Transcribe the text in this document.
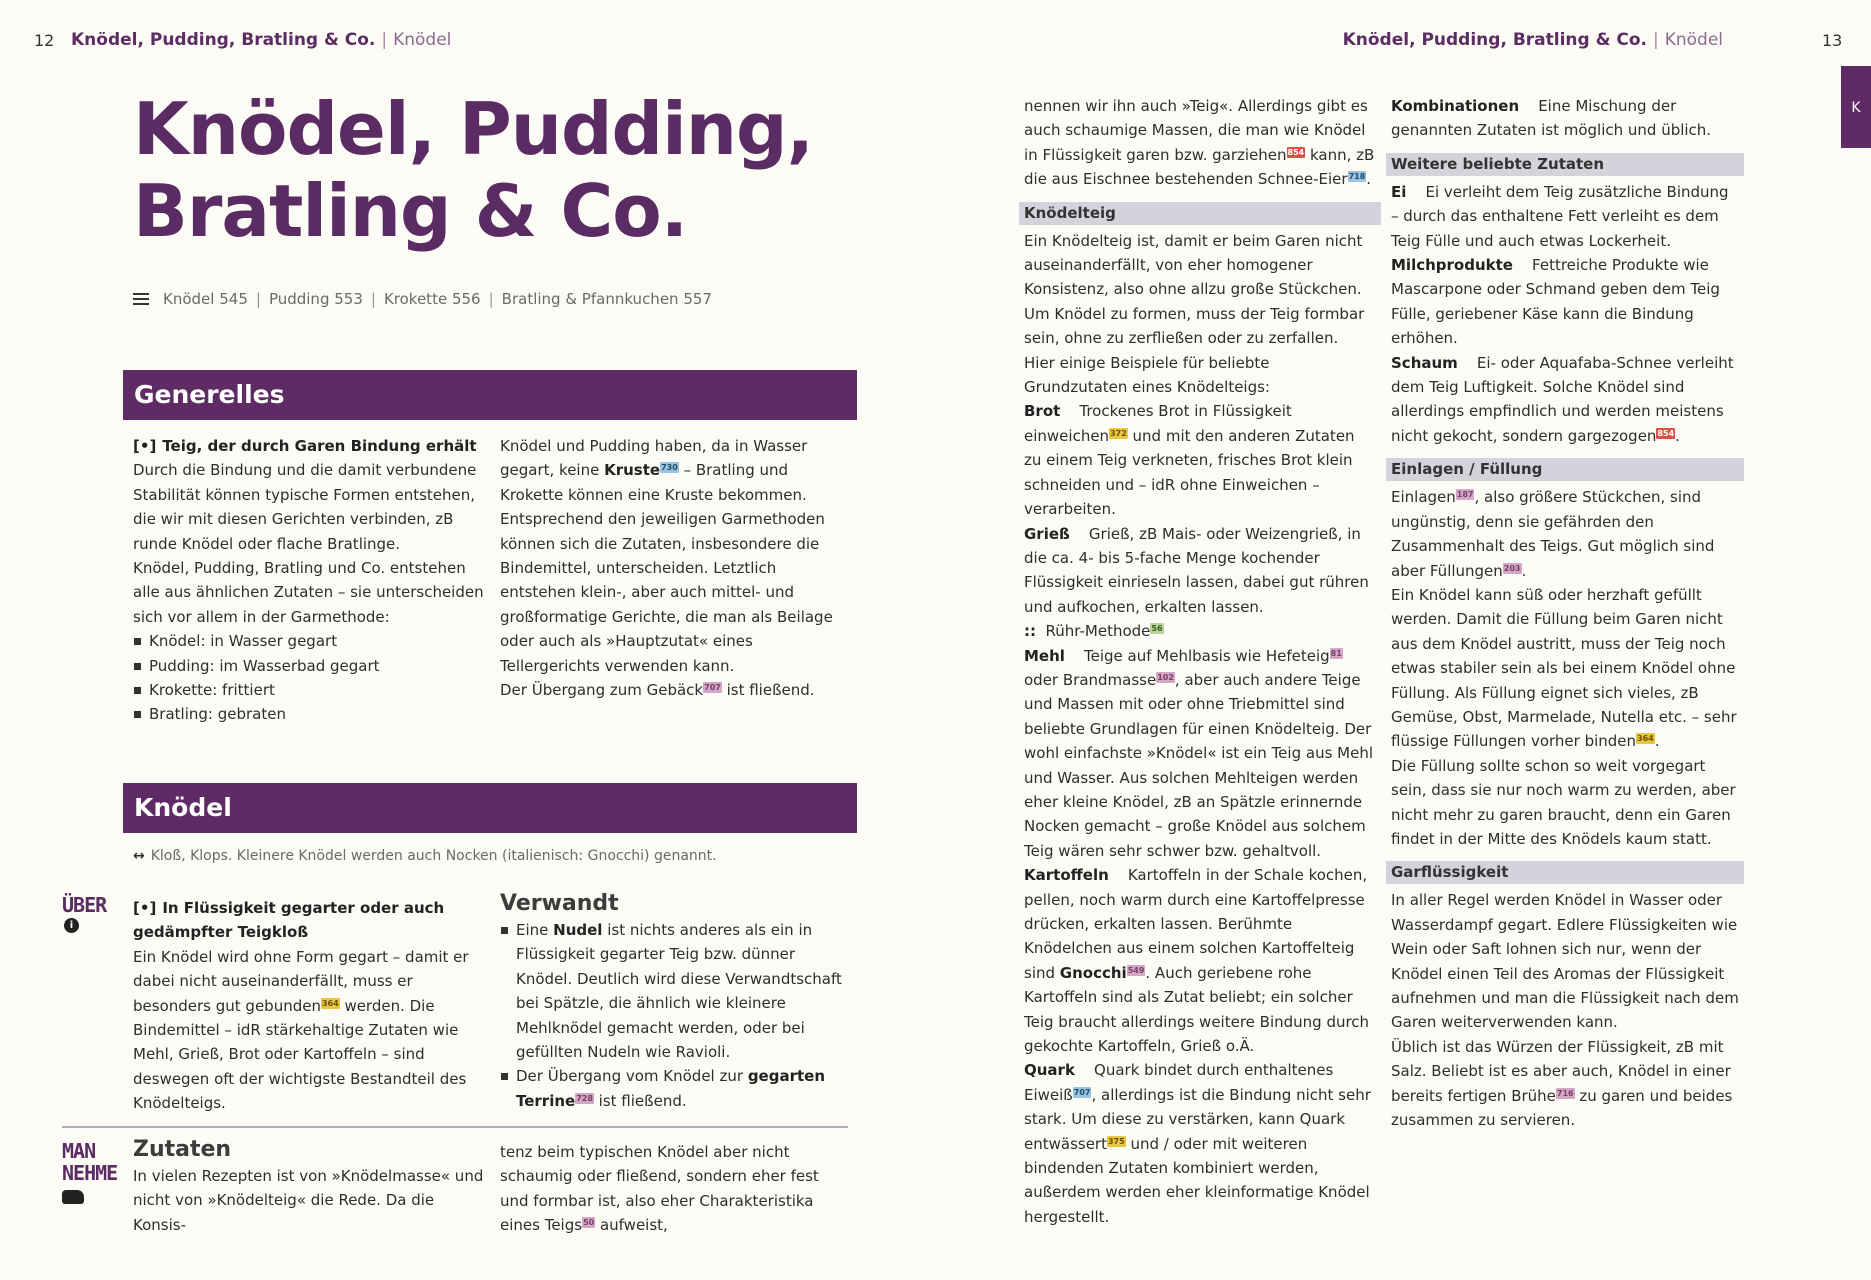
12 Knödel, Pudding, Bratling & Co. | Knödel	Knödel, Pudding, Bratling & Co. | Knödel	13
K
Knödel, Pudding,
Bratling & Co.
Knödel 545 | Pudding 553 | Krokette 556 | Bratling & Pfannkuchen 557
Generelles

[•] Teig, der durch Garen Bindung erhält

Durch die Bindung und die damit verbundene Stabilität können typische Formen entstehen, die wir mit diesen Gerichten verbinden, zB runde Knödel oder flache Bratlinge.

Knödel, Pudding, Bratling und Co. entstehen alle aus ähnlichen Zutaten – sie unterscheiden sich vor allem in der Garmethode:

Knödel: in Wasser gegart
Pudding: im Wasserbad gegart
Krokette: frittiert
Bratling: gebraten

Knödel und Pudding haben, da in Wasser gegart, keine Kruste730 – Bratling und Krokette können eine Kruste bekommen.

Entsprechend den jeweiligen Garmethoden können sich die Zutaten, insbesondere die Bindemittel, unterscheiden. Letztlich entstehen klein-, aber auch mittel- und großformatige Gerichte, die man als Beilage oder auch als »Hauptzutat« eines Tellergerichts verwenden kann.

Der Übergang zum Gebäck707 ist fließend.

Knödel
↔ Kloß, Klops. Kleinere Knödel werden auch Nocken (italienisch: Gnocchi) genannt.
ÜBER
i

[•] In Flüssigkeit gegarter oder auch gedämpfter Teigkloß

Ein Knödel wird ohne Form gegart – damit er dabei nicht auseinanderfällt, muss er besonders gut gebunden364 werden. Die Bindemittel – idR stärkehaltige Zutaten wie Mehl, Grieß, Brot oder Kartoffeln – sind deswegen oft der wichtigste Bestandteil des Knödelteigs.

Verwandt
Eine Nudel ist nichts anderes als ein in Flüssigkeit gegarter Teig bzw. dünner Knödel. Deutlich wird diese Verwandtschaft bei Spätzle, die ähnlich wie kleinere Mehlknödel gemacht werden, oder bei gefüllten Nudeln wie Ravioli.
Der Übergang vom Knödel zur gegarten Terrine728 ist fließend.
MAN
NEHME
Zutaten

In vielen Rezepten ist von »Knödelmasse« und nicht von »Knödelteig« die Rede. Da die Konsis-

tenz beim typischen Knödel aber nicht schaumig oder fließend, sondern eher fest und formbar ist, also eher Charakteristika eines Teigs50 aufweist,

nennen wir ihn auch »Teig«. Allerdings gibt es auch schaumige Massen, die man wie Knödel in Flüssigkeit garen bzw. garziehen854 kann, zB die aus Eischnee bestehenden Schnee-Eier718.

Knödelteig

Ein Knödelteig ist, damit er beim Garen nicht auseinanderfällt, von eher homogener Konsistenz, also ohne allzu große Stückchen. Um Knödel zu formen, muss der Teig formbar sein, ohne zu zerfließen oder zu zerfallen.

Hier einige Beispiele für beliebte Grundzutaten eines Knödelteigs:

Brot Trockenes Brot in Flüssigkeit einweichen372 und mit den anderen Zutaten zu einem Teig verkneten, frisches Brot klein schneiden und – idR ohne Einweichen – verarbeiten.

Grieß Grieß, zB Mais- oder Weizengrieß, in die ca. 4- bis 5-fache Menge kochender Flüssigkeit einrieseln lassen, dabei gut rühren und aufkochen, erkalten lassen.

:: Rühr-Methode56

Mehl Teige auf Mehlbasis wie Hefeteig81 oder Brandmasse102, aber auch andere Teige und Massen mit oder ohne Triebmittel sind beliebte Grundlagen für einen Knödelteig. Der wohl einfachste »Knödel« ist ein Teig aus Mehl und Wasser. Aus solchen Mehlteigen werden eher kleine Knödel, zB an Spätzle erinnernde Nocken gemacht – große Knödel aus solchem Teig wären sehr schwer bzw. gehaltvoll.

Kartoffeln Kartoffeln in der Schale kochen, pellen, noch warm durch eine Kartoffelpresse drücken, erkalten lassen. Berühmte Knödelchen aus einem solchen Kartoffelteig sind Gnocchi549. Auch geriebene rohe Kartoffeln sind als Zutat beliebt; ein solcher Teig braucht allerdings weitere Bindung durch gekochte Kartoffeln, Grieß o.Ä.

Quark Quark bindet durch enthaltenes Eiweiß707, allerdings ist die Bindung nicht sehr stark. Um diese zu verstärken, kann Quark entwässert375 und / oder mit weiteren bindenden Zutaten kombiniert werden, außerdem werden eher kleinformatige Knödel hergestellt.

Kombinationen Eine Mischung der genannten Zutaten ist möglich und üblich.

Weitere beliebte Zutaten

Ei Ei verleiht dem Teig zusätzliche Bindung – durch das enthaltene Fett verleiht es dem Teig Fülle und auch etwas Lockerheit.

Milchprodukte Fettreiche Produkte wie Mascarpone oder Schmand geben dem Teig Fülle, geriebener Käse kann die Bindung erhöhen.

Schaum Ei- oder Aquafaba-Schnee verleiht dem Teig Luftigkeit. Solche Knödel sind allerdings empfindlich und werden meistens nicht gekocht, sondern gargezogen854.

Einlagen / Füllung

Einlagen187, also größere Stückchen, sind ungünstig, denn sie gefährden den Zusammenhalt des Teigs. Gut möglich sind aber Füllungen203.

Ein Knödel kann süß oder herzhaft gefüllt werden. Damit die Füllung beim Garen nicht aus dem Knödel austritt, muss der Teig noch etwas stabiler sein als bei einem Knödel ohne Füllung. Als Füllung eignet sich vieles, zB Gemüse, Obst, Marmelade, Nutella etc. – sehr flüssige Füllungen vorher binden364.

Die Füllung sollte schon so weit vorgegart sein, dass sie nur noch warm zu werden, aber nicht mehr zu garen braucht, denn ein Garen findet in der Mitte des Knödels kaum statt.

Garflüssigkeit

In aller Regel werden Knödel in Wasser oder Wasserdampf gegart. Edlere Flüssigkeiten wie Wein oder Saft lohnen sich nur, wenn der Knödel einen Teil des Aromas der Flüssigkeit aufnehmen und man die Flüssigkeit nach dem Garen weiterverwenden kann.

Üblich ist das Würzen der Flüssigkeit, zB mit Salz. Beliebt ist es aber auch, Knödel in einer bereits fertigen Brühe716 zu garen und beides zusammen zu servieren.
